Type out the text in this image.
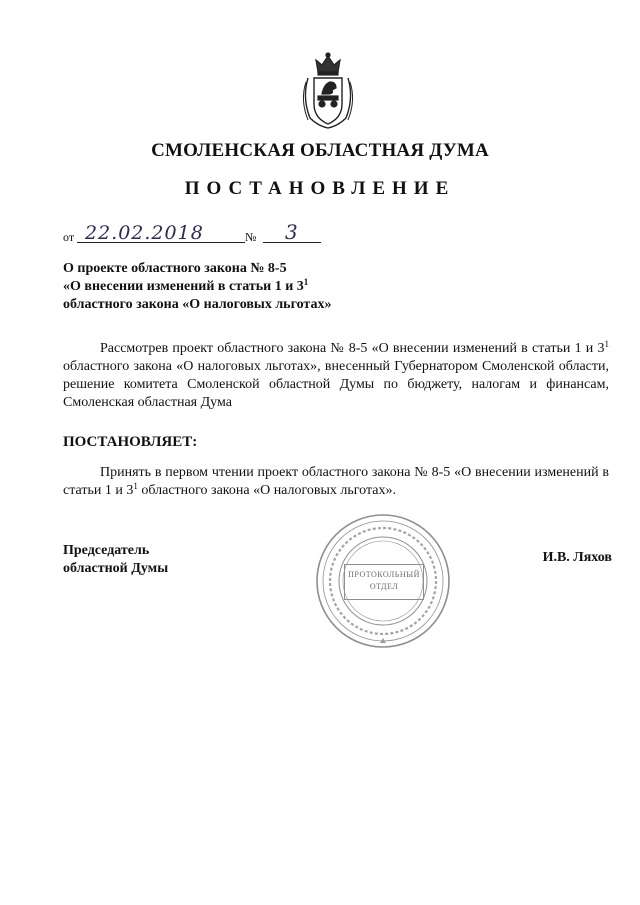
СМОЛЕНСКАЯ ОБЛАСТНАЯ ДУМА
ПОСТАНОВЛЕНИЕ
от 22.02.2018	№ 3
О проекте областного закона № 8-5
«О внесении изменений в статьи 1 и $3^1$
областного закона «О налоговых льготах»
Рассмотрев проект областного закона № 8-5 «О внесении изменений в статьи 1 и $3^1$ областного закона «О налоговых льготах», внесенный Губернатором Смоленской области, решение комитета Смоленской областной Думы по бюджету, налогам и финансам, Смоленская областная Дума
ПОСТАНОВЛЯЕТ:
Принять в первом чтении проект областного закона № 8-5 «О внесении изменений в статьи 1 и $3^1$ областного закона «О налоговых льготах».
Председатель
областной Думы	ПРОТОКОЛЬНЫЙ
ОТДЕЛ
И.В. Ляхов
